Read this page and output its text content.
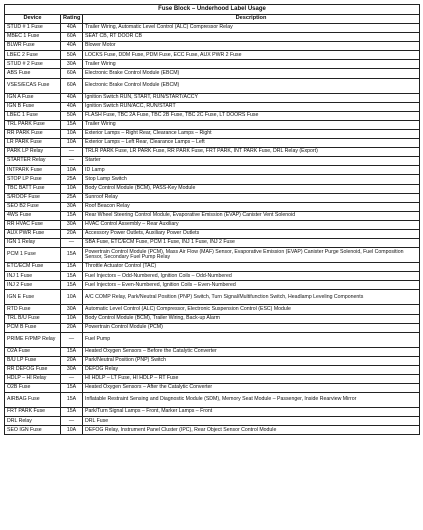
Fuse Block – Underhood Label Usage		
Device	Rating	Description
STUD # 1 Fuse	40A	Trailer Wiring, Automatic Level Control (ALC) Compressor Relay
MBEC 1 Fuse	60A	SEAT CB, RT DOOR CB
BLWR Fuse	40A	Blower Motor
LBEC 2 Fuse	50A	LOCKS Fuse, DDM Fuse, PDM Fuse, ECC Fuse, AUX PWR 2 Fuse
STUD # 2 Fuse	30A	Trailer Wiring
ABS Fuse	60A	Electronic Brake Control Module (EBCM)
VSES/ECAS Fuse	60A	Electronic Brake Control Module (EBCM)
IGN A Fuse	40A	Ignition Switch RUN, START, RUN/START/ACCY
IGN B Fuse	40A	Ignition Switch RUN/ACC, RUN/START
LBEC 1 Fuse	50A	FLASH Fuse, TBC 2A Fuse, TBC 2B Fuse, TBC 2C Fuse, LT DOORS Fuse
TRL PARK Fuse	15A	Trailer Wiring
RR PARK Fuse	10A	Exterior Lamps – Right Rear, Clearance Lamps – Right
LR PARK Fuse	10A	Exterior Lamps – Left Rear, Clearance Lamps – Left
PARK LP Relay	—	TRLR PARK Fuse, LR PARK Fuse, RR PARK Fuse, FRT PARK, INT PARK Fuse, DRL Relay (Export)
STARTER Relay	—	Starter
INTPARK Fuse	10A	ID Lamp
STOP LP Fuse	25A	Stop Lamp Switch
TBC BATT Fuse	10A	Body Control Module (BCM), PASS-Key Module
S/ROOF Fuse	25A	Sunroof Relay
SEO B2 Fuse	30A	Roof Beacon Relay
4WS Fuse	15A	Rear Wheel Steering Control Module, Evaporative Emission (EVAP) Canister Vent Solenoid
RR HVAC Fuse	30A	HVAC Control Assembly – Rear Auxiliary
AUX PWR Fuse	20A	Accessory Power Outlets, Auxiliary Power Outlets
IGN 1 Relay	—	SBA Fuse, ETC/ECM Fuse, PCM 1 Fuse, INJ 1 Fuse, INJ 2 Fuse
PCM 1 Fuse	15A	Powertrain Control Module (PCM), Mass Air Flow (MAF) Sensor, Evaporative Emission (EVAP) Canister Purge Solenoid, Fuel Composition Sensor, Secondary Fuel Pump Relay
ETC/ECM Fuse	15A	Throttle Actuator Control (TAC)
INJ 1 Fuse	15A	Fuel Injectors – Odd-Numbered, Ignition Coils – Odd-Numbered
INJ 2 Fuse	15A	Fuel Injectors – Even-Numbered, Ignition Coils – Even-Numbered
IGN E Fuse	10A	A/C COMP Relay, Park/Neutral Position (PNP) Switch, Turn Signal/Multifunction Switch, Headlamp Leveling Components
RTD Fuse	30A	Automatic Level Control (ALC) Compressor, Electronic Suspension Control (ESC) Module
TRL B/U Fuse	10A	Body Control Module (BCM), Trailer Wiring, Back-up Alarm
PCM B Fuse	20A	Powertrain Control Module (PCM)
PRIME F/PMP Relay	—	Fuel Pump
O2A Fuse	15A	Heated Oxygen Sensors – Before the Catalytic Converter
B/U LP Fuse	20A	Park/Neutral Position (PNP) Switch
RR DEFOG Fuse	30A	DEFOG Relay
HDLP – HI Relay	—	HI HDLP – LT Fuse, HI HDLP – RT Fuse
O2B Fuse	15A	Heated Oxygen Sensors – After the Catalytic Converter
AIRBAG Fuse	15A	Inflatable Restraint Sensing and Diagnostic Module (SDM), Memory Seat Module – Passenger, Inside Rearview Mirror
FRT PARK Fuse	15A	Park/Turn Signal Lamps – Front, Marker Lamps – Front
DRL Relay	—	DRL Fuse
SEO IGN Fuse	10A	DEFOG Relay, Instrument Panel Cluster (IPC), Rear Object Sensor Control Module
